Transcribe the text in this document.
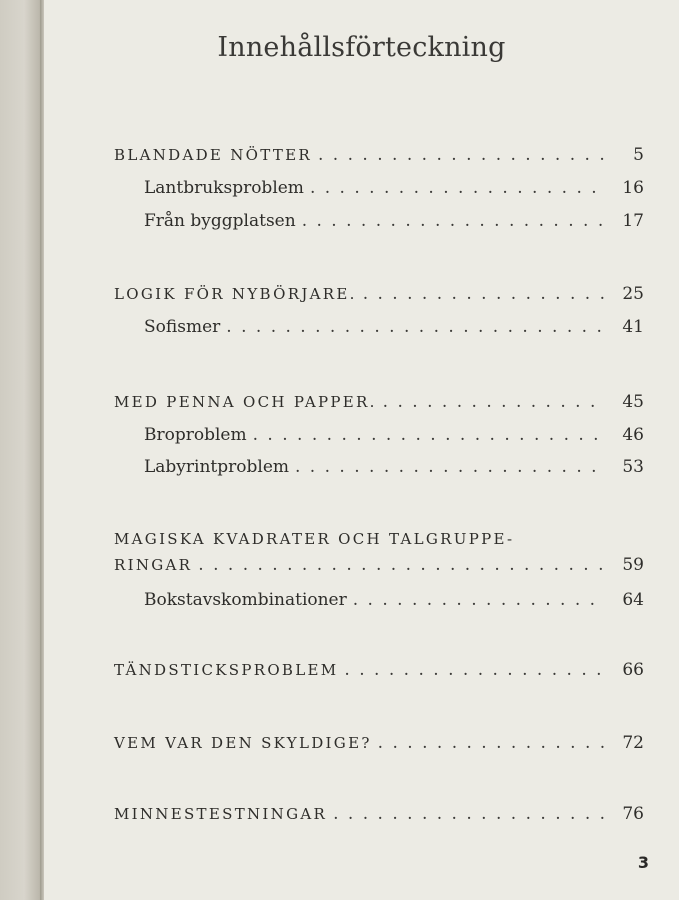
Innehållsförteckning
BLANDADE NÖTTER . . .	5
Lantbruksproblem . . .	16
Från byggplatsen . . .	17
LOGIK FÖR NYBÖRJARE. . . .	25
Sofismer . . .	41
MED PENNA OCH PAPPER. . . .	45
Broproblem . . .	46
Labyrintproblem . . .	53
MAGISKA KVADRATER OCH TALGRUPPE-
RINGAR . . .	59
Bokstavskombinationer . . .	64
TÄNDSTICKSPROBLEM . . .	66
VEM VAR DEN SKYLDIGE? . . .	72
MINNESTESTNINGAR . . .	76
3
